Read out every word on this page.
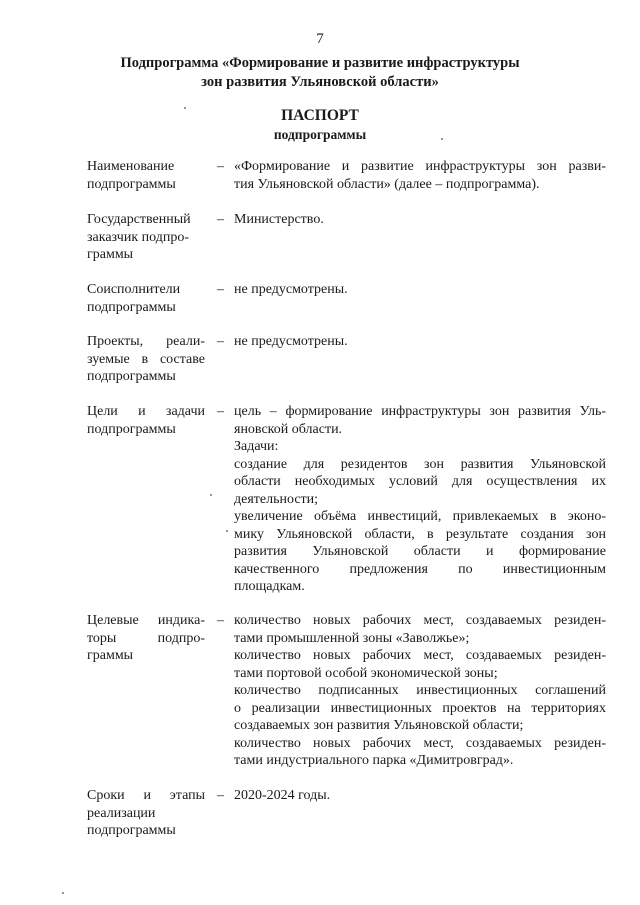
7
Подпрограмма «Формирование и развитие инфраструктуры
зон развития Ульяновской области»
ПАСПОРТ
подпрограммы
Наименование
подпрограммы
– «Формирование и развитие инфраструктуры зон разви-
тия Ульяновской области» (далее – подпрограмма).
Государственный
заказчик подпро-
граммы
– Министерство.
Соисполнители
подпрограммы
– не предусмотрены.
Проекты, реали-
зуемые в составе
подпрограммы
– не предусмотрены.
Цели и задачи
подпрограммы
– цель – формирование инфраструктуры зон развития Уль-
яновской области.
Задачи:
создание для резидентов зон развития Ульяновской
области необходимых условий для осуществления их
деятельности;
увеличение объёма инвестиций, привлекаемых в эконо-
мику Ульяновской области, в результате создания зон
развития Ульяновской области и формирование
качественного предложения по инвестиционным
площадкам.
Целевые индика-
торы подпро-
граммы
– количество новых рабочих мест, создаваемых резиден-
тами промышленной зоны «Заволжье»;
количество новых рабочих мест, создаваемых резиден-
тами портовой особой экономической зоны;
количество подписанных инвестиционных соглашений
о реализации инвестиционных проектов на территориях
создаваемых зон развития Ульяновской области;
количество новых рабочих мест, создаваемых резиден-
тами индустриального парка «Димитровград».
Сроки и этапы
реализации
подпрограммы
– 2020-2024 годы.
